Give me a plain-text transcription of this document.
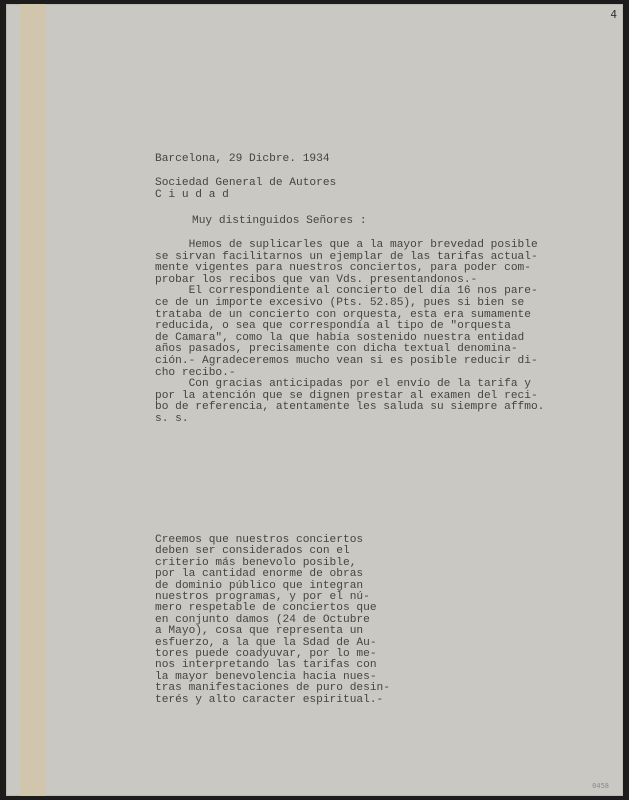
4

Barcelona, 29 Dicbre. 1934

Sociedad General de Autores
C i u d a d

Muy distinguidos Señores :

Hemos de suplicarles que a la mayor brevedad posible
se sirvan facilitarnos un ejemplar de las tarifas actual-
mente vigentes para nuestros conciertos, para poder com-
probar los recibos que van Vds. presentandonos.-
El correspondiente al concierto del día 16 nos pare-
ce de un importe excesivo (Pts. 52.85), pues si bien se
trataba de un concierto con orquesta, esta era sumamente
reducida, o sea que correspondía al tipo de "orquesta
de Camara", como la que había sostenido nuestra entidad
años pasados, precisamente con dicha textual denomina-
ción.- Agradeceremos mucho vean si es posible reducir di-
cho recibo.-
Con gracias anticipadas por el envío de la tarifa y
por la atención que se dignen prestar al examen del reci-
bo de referencia, atentamente les saluda su siempre affmo.
s. s.

Creemos que nuestros conciertos
deben ser considerados con el
criterio más benevolo posible,
por la cantidad enorme de obras
de dominio público que integran
nuestros programas, y por el nú-
mero respetable de conciertos que
en conjunto damos (24 de Octubre
a Mayo), cosa que representa un
esfuerzo, a la que la Sdad de Au-
tores puede coadyuvar, por lo me-
nos interpretando las tarifas con
la mayor benevolencia hacia nues-
tras manifestaciones de puro desin-
terés y alto caracter espiritual.-

0458
